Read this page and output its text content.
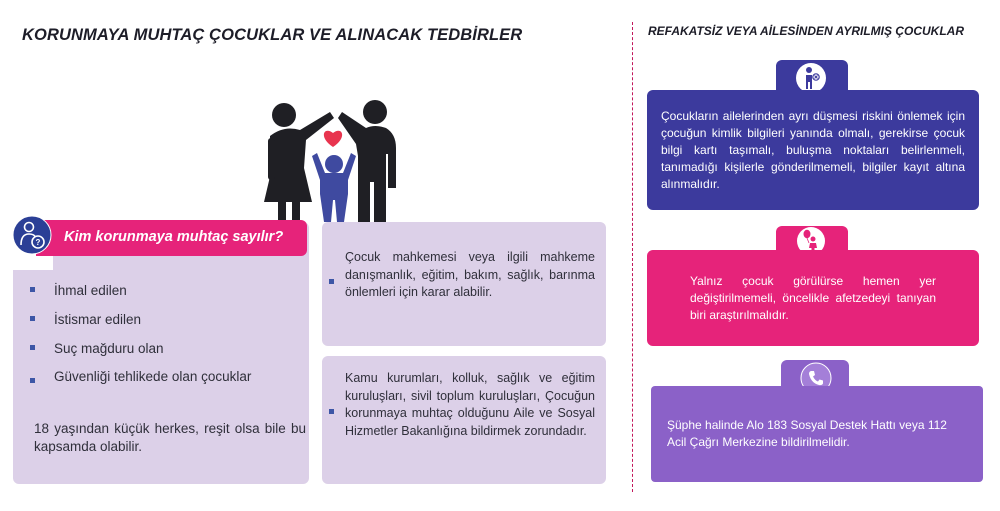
KORUNMAYA MUHTAÇ ÇOCUKLAR VE ALINACAK TEDBİRLER	REFAKATSİZ VEYA AİLESİNDEN AYRILMIŞ ÇOCUKLAR
Kim korunmaya muhtaç sayılır?
?
İhmal edilen
İstismar edilen
Suç mağduru olan
Güvenliği tehlikede olan çocuklar
18 yaşından küçük herkes, reşit olsa bile bu kapsamda olabilir.
Çocuk mahkemesi veya ilgili mahkeme danışmanlık, eğitim, bakım, sağlık, barınma önlemleri için karar alabilir.
Kamu kurumları, kolluk, sağlık ve eğitim kuruluşları, sivil toplum kuruluşları, Çocuğun korunmaya muhtaç olduğunu Aile ve Sosyal Hizmetler Bakanlığına bildirmek zorundadır.
Çocukların ailelerinden ayrı düşmesi riskini önlemek için çocuğun kimlik bilgileri yanında olmalı, gerekirse çocuk bilgi kartı taşımalı, buluşma noktaları belirlenmeli, tanımadığı kişilerle gönderilmemeli, bilgiler kayıt altına alınmalıdır.
Yalnız çocuk görülürse hemen yer değiştirilmemeli, öncelikle afetzedeyi tanıyan biri araştırılmalıdır.
Şüphe halinde Alo 183 Sosyal Destek Hattı veya 112 Acil Çağrı Merkezine bildirilmelidir.
